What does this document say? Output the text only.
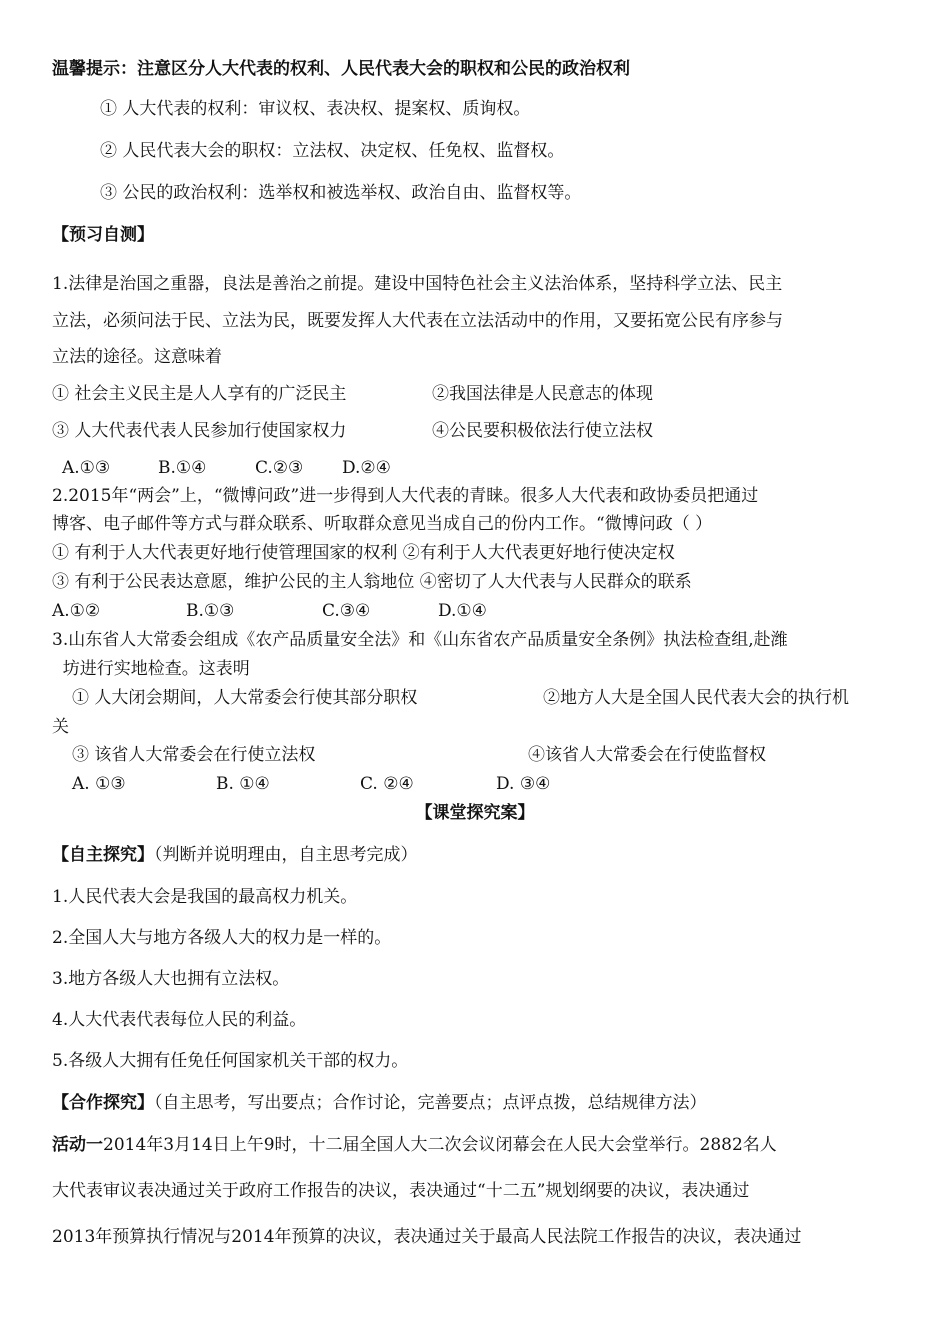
温馨提示：注意区分人大代表的权利、人民代表大会的职权和公民的政治权利
① 人大代表的权利：审议权、表决权、提案权、质询权。
② 人民代表大会的职权：立法权、决定权、任免权、监督权。
③ 公民的政治权利：选举权和被选举权、政治自由、监督权等。
【预习自测】
1.法律是治国之重器，良法是善治之前提。建设中国特色社会主义法治体系，坚持科学立法、民主
立法，必须问法于民、立法为民，既要发挥人大代表在立法活动中的作用，又要拓宽公民有序参与
立法的途径。这意味着
① 社会主义民主是人人享有的广泛民主	②我国法律是人民意志的体现
③ 人大代表代表人民参加行使国家权力	④公民要积极依法行使立法权
A.①③	B.①④	C.②③ D.②④
2.2015年“两会”上，“微博问政”进一步得到人大代表的青睐。很多人大代表和政协委员把通过
博客、电子邮件等方式与群众联系、听取群众意见当成自己的份内工作。“微博问政（ ）
① 有利于人大代表更好地行使管理国家的权利 ②有利于人大代表更好地行使决定权
③ 有利于公民表达意愿，维护公民的主人翁地位 ④密切了人大代表与人民群众的联系
A.①②	B.①③	C.③④	D.①④
3.山东省人大常委会组成《农产品质量安全法》和《山东省农产品质量安全条例》执法检查组,赴潍
坊进行实地检查。这表明
① 人大闭会期间，人大常委会行使其部分职权	②地方人大是全国人民代表大会的执行机
关
③ 该省人大常委会在行使立法权	④该省人大常委会在行使监督权
A. ①③	B. ①④	C. ②④	D. ③④
【课堂探究案】
【自主探究】（判断并说明理由，自主思考完成）
1.人民代表大会是我国的最高权力机关。
2.全国人大与地方各级人大的权力是一样的。
3.地方各级人大也拥有立法权。
4.人大代表代表每位人民的利益。
5.各级人大拥有任免任何国家机关干部的权力。
【合作探究】（自主思考，写出要点；合作讨论，完善要点；点评点拨，总结规律方法）
活动一2014年3月14日上午9时，十二届全国人大二次会议闭幕会在人民大会堂举行。2882名人
大代表审议表决通过关于政府工作报告的决议，表决通过“十二五”规划纲要的决议，表决通过
2013年预算执行情况与2014年预算的决议，表决通过关于最高人民法院工作报告的决议，表决通过
